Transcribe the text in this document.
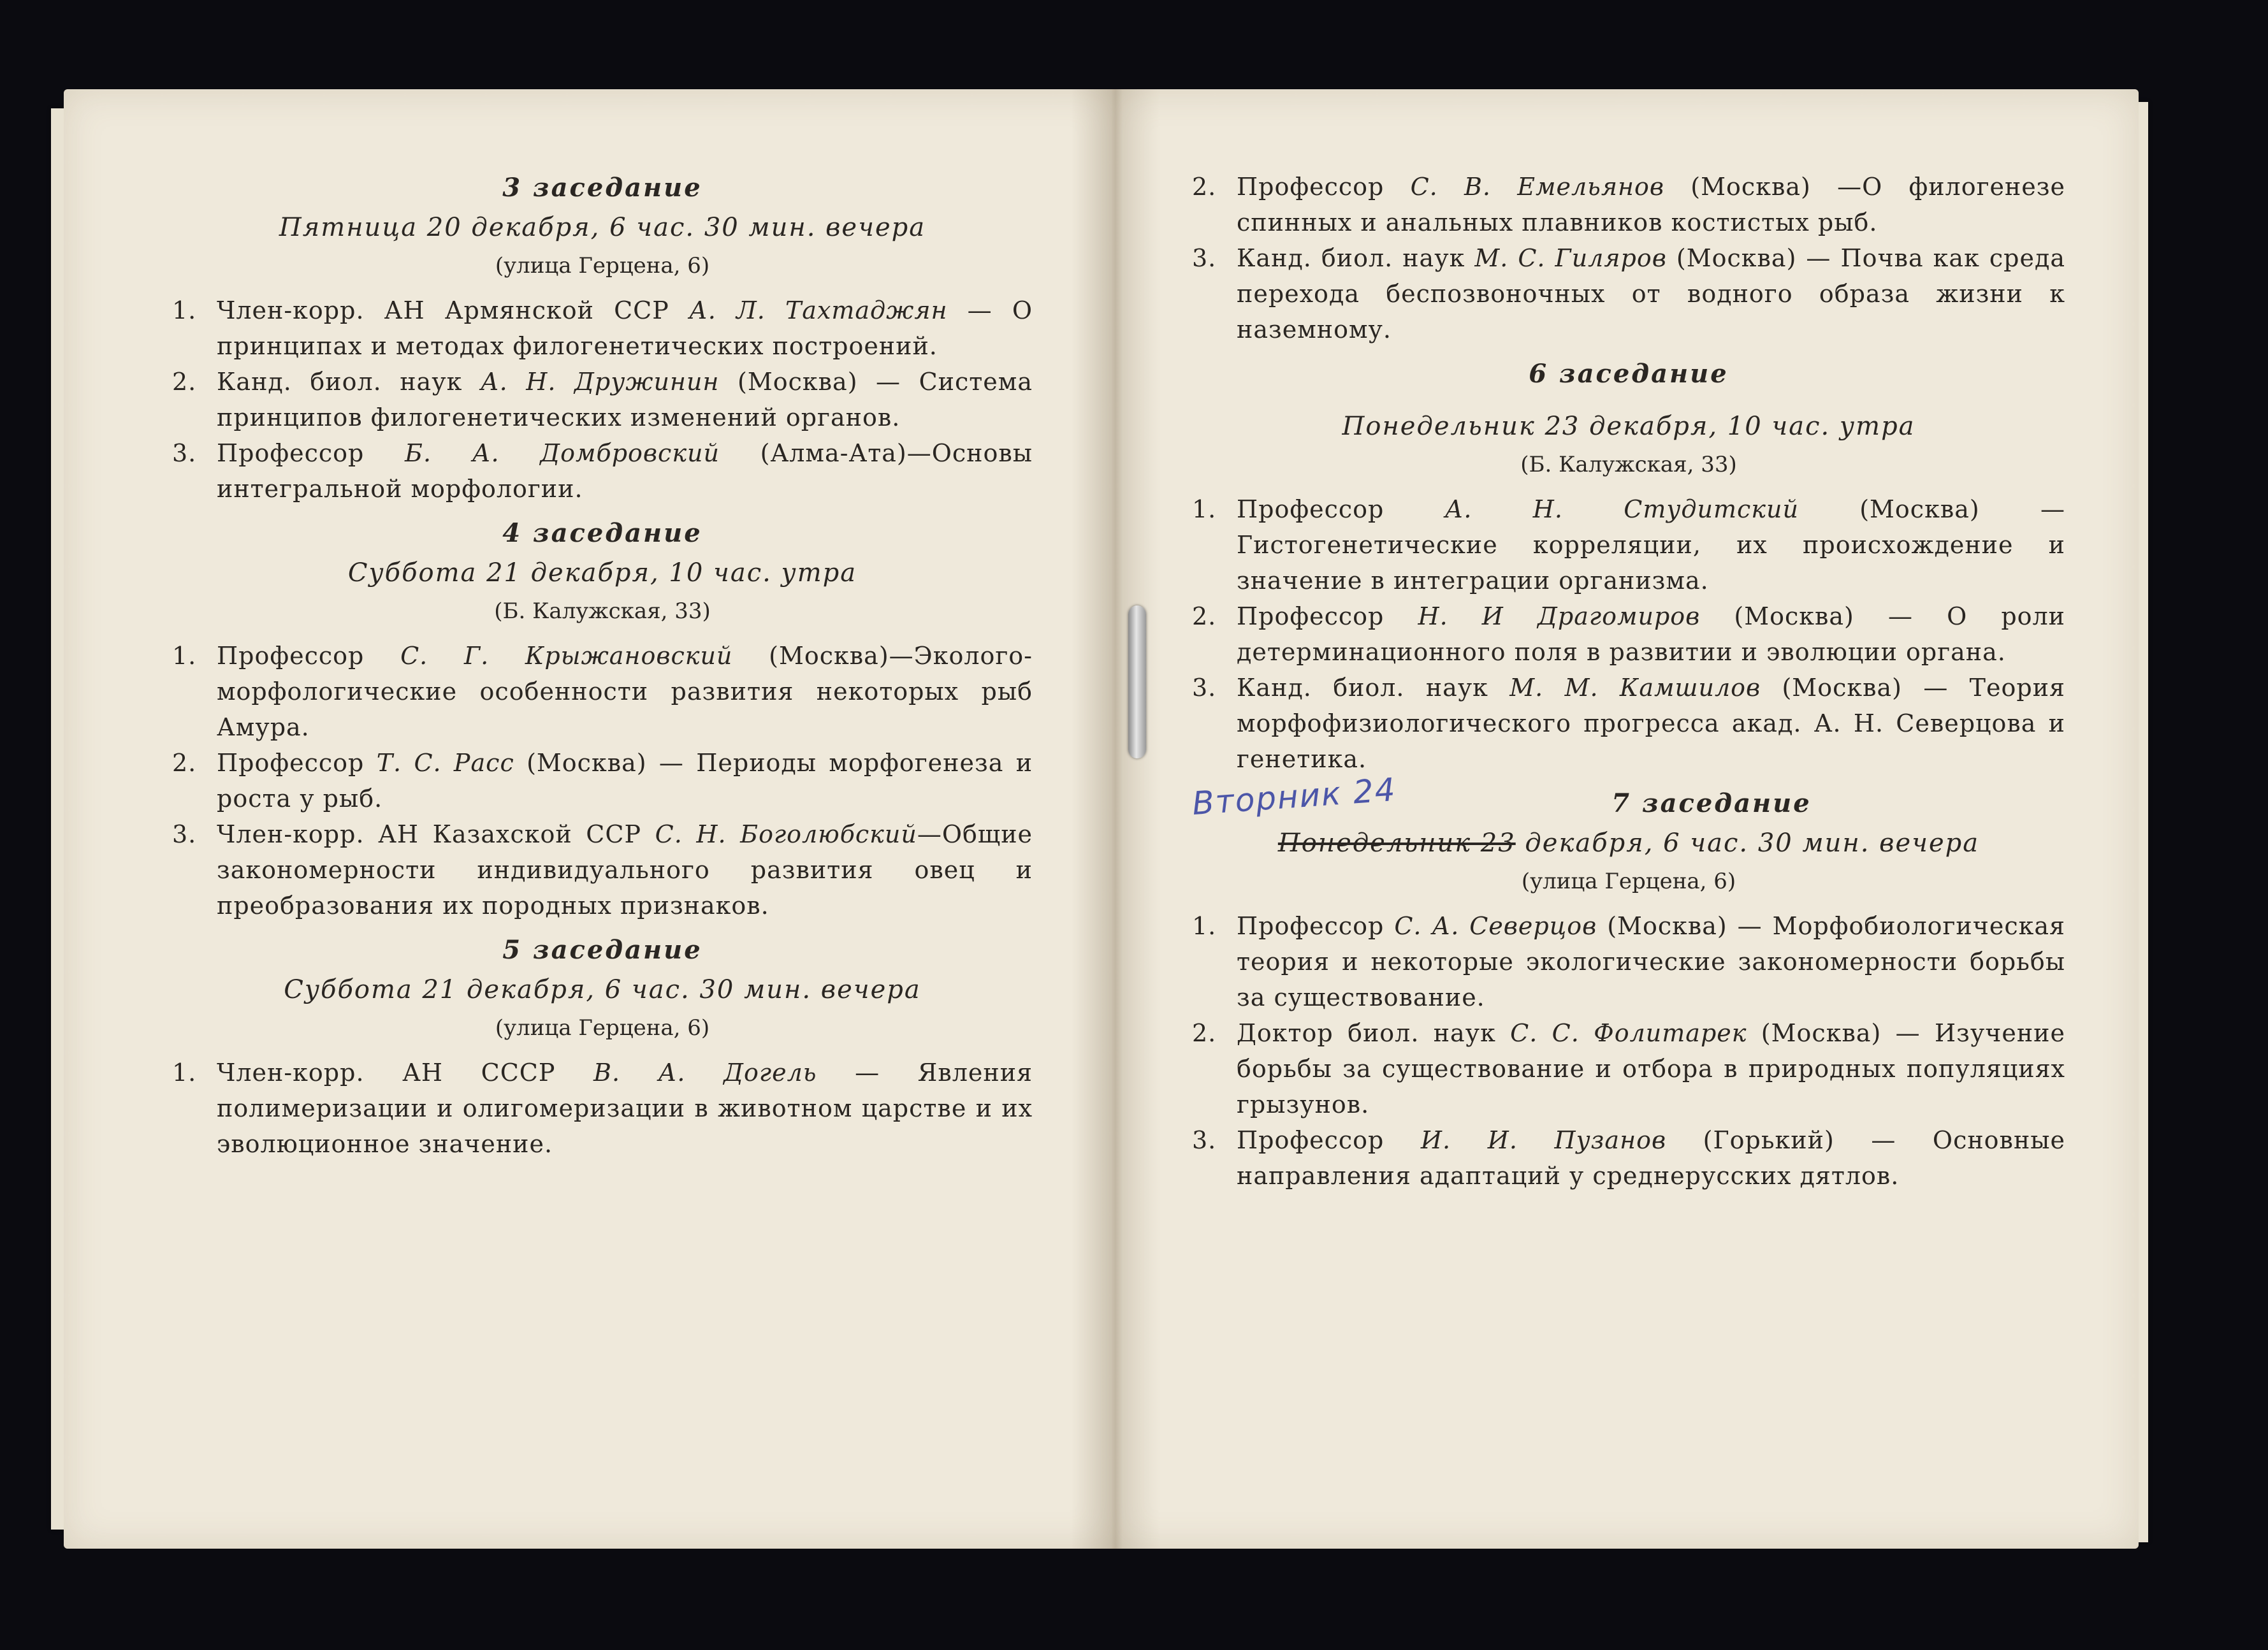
3 заседание

Пятница 20 декабря, 6 час. 30 мин. вечера

(улица Герцена, 6)

1. Член-корр. АН Армянской ССР А. Л. Тахтаджян — О принципах и методах филогенетических построений.
2. Канд. биол. наук А. Н. Дружинин (Москва) — Система принципов филогенетических изменений органов.
3. Профессор Б. А. Домбровский (Алма-Ата)—Основы интегральной морфологии.

4 заседание

Суббота 21 декабря, 10 час. утра

(Б. Калужская, 33)

1. Профессор С. Г. Крыжановский (Москва)—Эколого-морфологические особенности развития некоторых рыб Амура.
2. Профессор Т. С. Расс (Москва) — Периоды морфогенеза и роста у рыб.
3. Член-корр. АН Казахской ССР С. Н. Боголюбский—Общие закономерности индивидуального развития овец и преобразования их породных признаков.

5 заседание

Суббота 21 декабря, 6 час. 30 мин. вечера

(улица Герцена, 6)

1. Член-корр. АН СССР В. А. Догель — Явления полимеризации и олигомеризации в животном царстве и их эволюционное значение.
2. Профессор С. В. Емельянов (Москва) —О филогенезе спинных и анальных плавников костистых рыб.
3. Канд. биол. наук М. С. Гиляров (Москва) — Почва как среда перехода беспозвоночных от водного образа жизни к наземному.

6 заседание

Понедельник 23 декабря, 10 час. утра

(Б. Калужская, 33)

1. Профессор А. Н. Студитский (Москва) — Гистогенетические корреляции, их происхождение и значение в интеграции организма.
2. Профессор Н. И Драгомиров (Москва) — О роли детерминационного поля в развитии и эволюции органа.
3. Канд. биол. наук М. М. Камшилов (Москва) — Теория морфофизиологического прогресса акад. А. Н. Северцова и генетика.
Вторник 24	7 заседание

Понедельник 23 декабря, 6 час. 30 мин. вечера

(улица Герцена, 6)

1. Профессор С. А. Северцов (Москва) — Морфобиологическая теория и некоторые экологические закономерности борьбы за существование.
2. Доктор биол. наук С. С. Фолитарек (Москва) — Изучение борьбы за существование и отбора в природных популяциях грызунов.
3. Профессор И. И. Пузанов (Горький) — Основные направления адаптаций у среднерусских дятлов.
